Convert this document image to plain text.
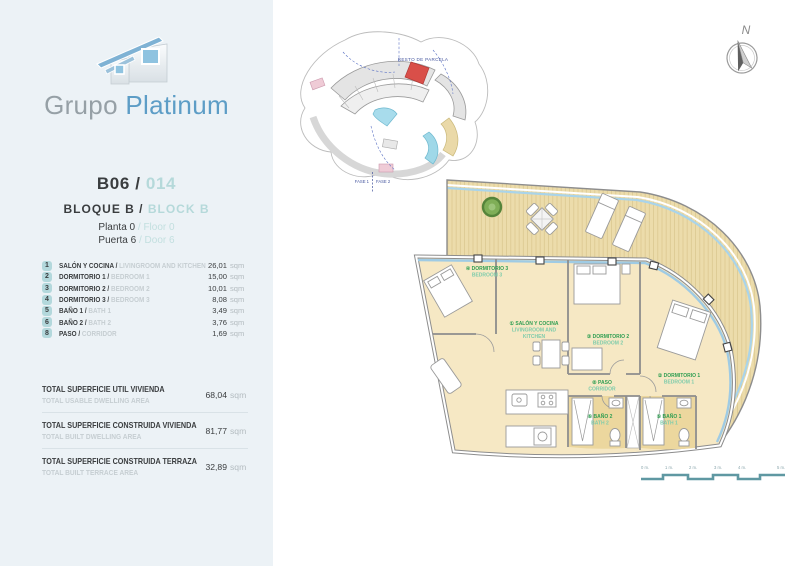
Grupo Platinum
B06 / 014
BLOQUE B / BLOCK B
Planta 0 / Floor 0
Puerta 6 / Door 6
1	SALÓN Y COCINA / LIVINGROOM AND KITCHEN 26,01 sqm
2	DORMITORIO 1 / BEDROOM 1	15,00 sqm
3	DORMITORIO 2 / BEDROOM 2	10,01 sqm
4	DORMITORIO 3 / BEDROOM 3	8,08 sqm
5	BAÑO 1 / BATH 1	3,49 sqm
6	BAÑO 2 / BATH 2	3,76 sqm
8	PASO / CORRIDOR	1,69 sqm
TOTAL SUPERFICIE UTIL VIVIENDA
TOTAL USABLE DWELLING AREA
68,04 sqm
TOTAL SUPERFICIE CONSTRUIDA VIVIENDA
TOTAL BUILT DWELLING AREA
81,77 sqm
TOTAL SUPERFICIE CONSTRUIDA TERRAZA
TOTAL BUILT TERRACE AREA
32,89 sqm
RESTO DE PARCELA
FASE 1 FASE 2
N
④ DORMITORIO 3
BEDROOM 3
① SALÓN Y COCINA
LIVINGROOM AND
KITCHEN	③ DORMITORIO 2
BEDROOM 2
⑧ PASO
CORRIDOR
② DORMITORIO 1
BEDROOM 1
⑥ BAÑO 2
BATH 2
⑤ BAÑO 1
BATH 1
0 m.	1 m.	2 m.	3 m.	4 m.	5 m.
